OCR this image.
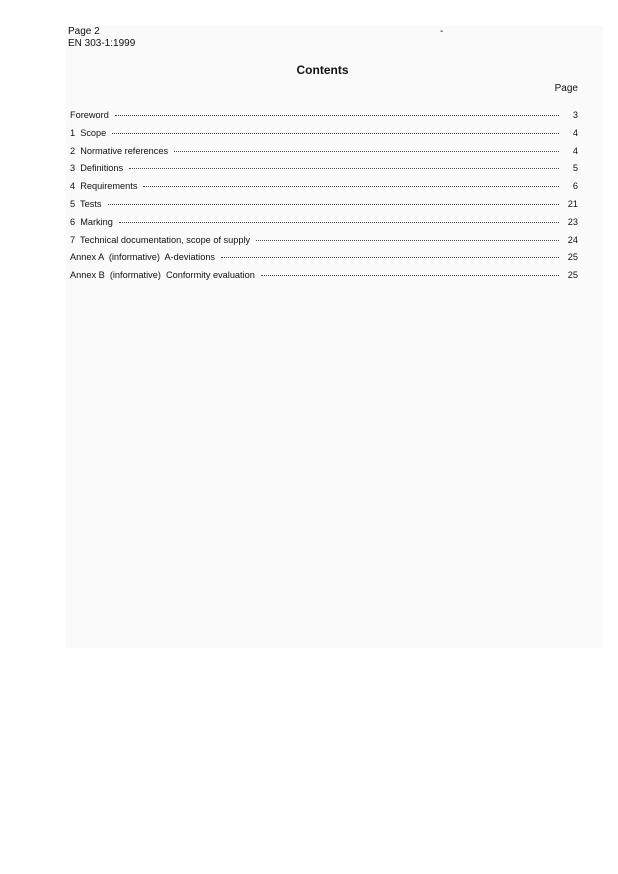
Page 2
EN 303-1:1999
-
Contents
Page
Foreword	3
1  Scope	4
2  Normative references	4
3  Definitions	5
4  Requirements	6
5  Tests	21
6  Marking	23
7  Technical documentation, scope of supply	24
Annex A  (informative)  A-deviations	25
Annex B  (informative)  Conformity evaluation	25
